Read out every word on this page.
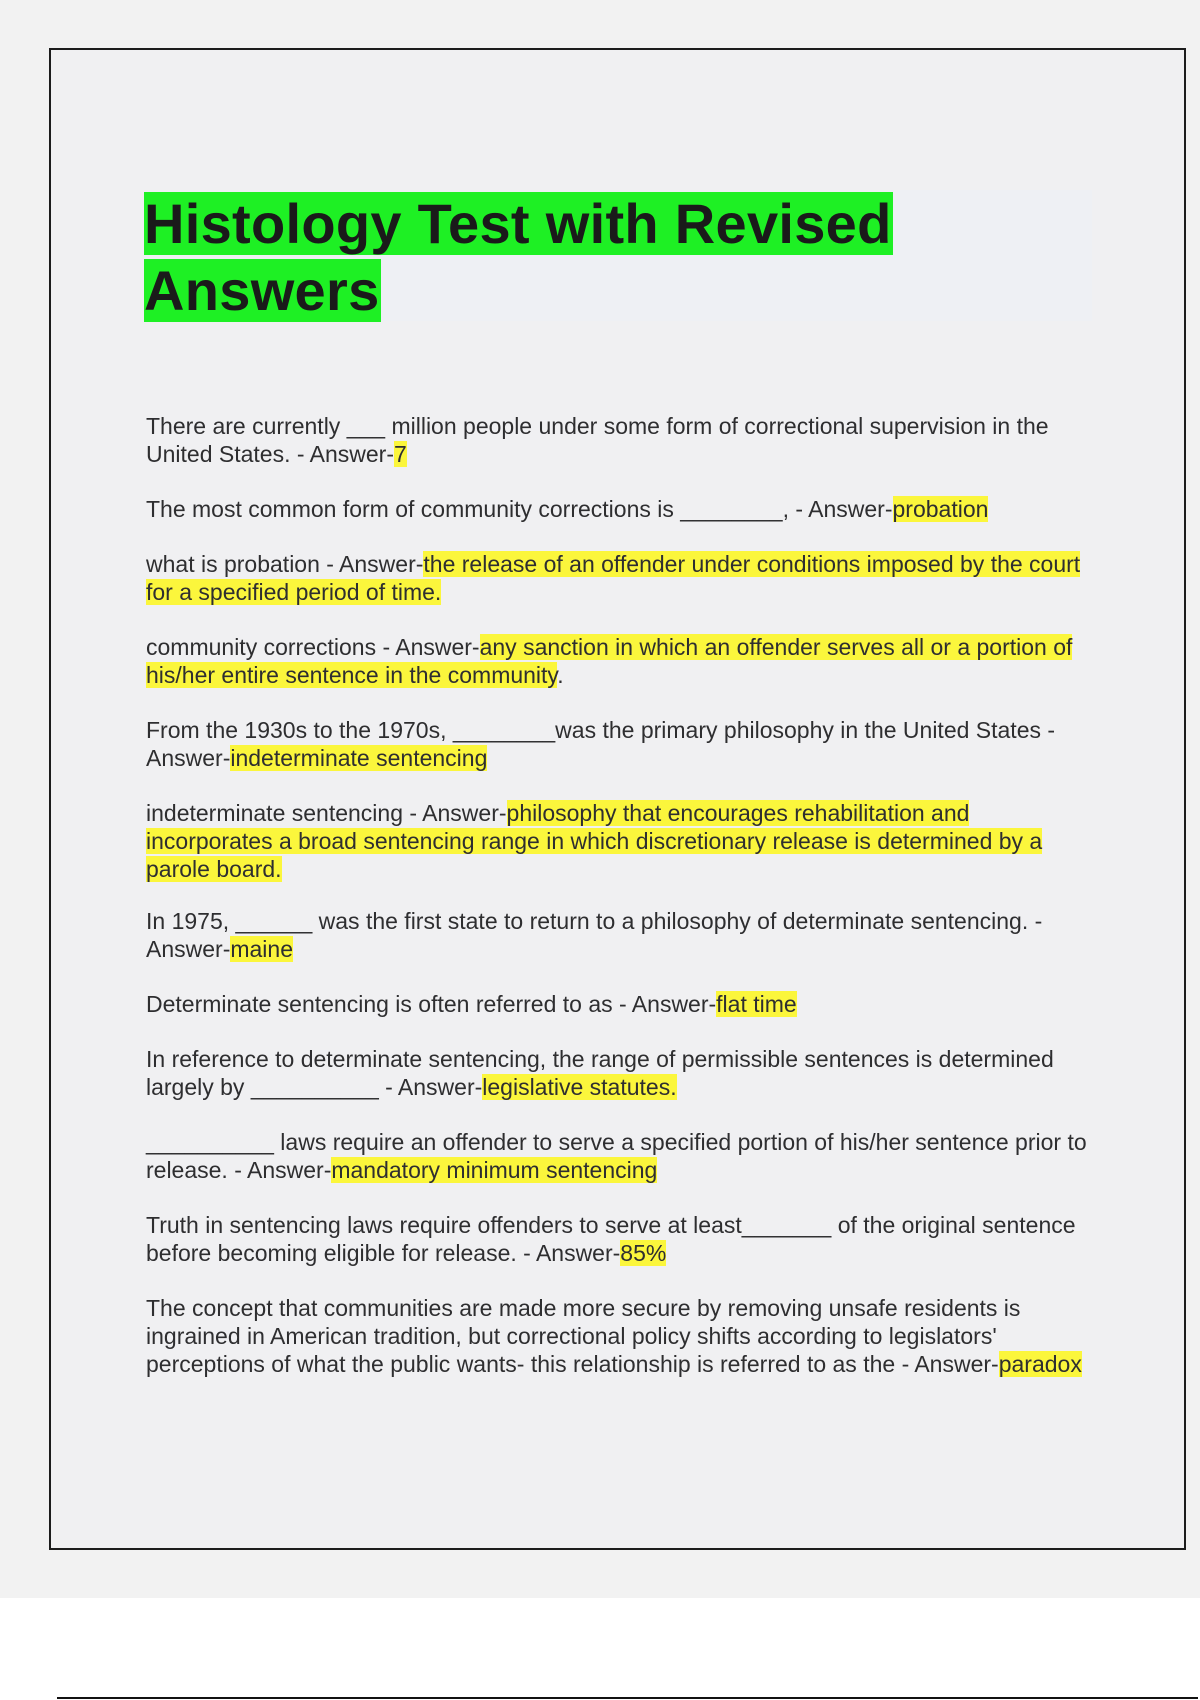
Histology Test with Revised Answers

There are currently ___ million people under some form of correctional supervision in the United States. - Answer-7

The most common form of community corrections is ________, - Answer-probation

what is probation - Answer-the release of an offender under conditions imposed by the court for a specified period of time.

community corrections - Answer-any sanction in which an offender serves all or a portion of his/her entire sentence in the community.

From the 1930s to the 1970s, ________was the primary philosophy in the United States - Answer-indeterminate sentencing

indeterminate sentencing - Answer-philosophy that encourages rehabilitation and incorporates a broad sentencing range in which discretionary release is determined by a parole board.

In 1975, ______ was the first state to return to a philosophy of determinate sentencing. - Answer-maine

Determinate sentencing is often referred to as - Answer-flat time

In reference to determinate sentencing, the range of permissible sentences is determined largely by __________ - Answer-legislative statutes.

__________ laws require an offender to serve a specified portion of his/her sentence prior to release. - Answer-mandatory minimum sentencing

Truth in sentencing laws require offenders to serve at least_______ of the original sentence before becoming eligible for release. - Answer-85%

The concept that communities are made more secure by removing unsafe residents is ingrained in American tradition, but correctional policy shifts according to legislators' perceptions of what the public wants- this relationship is referred to as the - Answer-paradox
